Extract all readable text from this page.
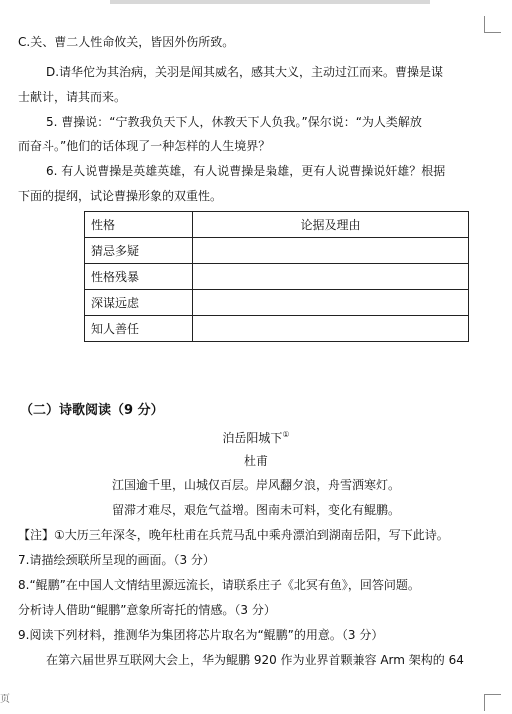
C.关、曹二人性命攸关，皆因外伤所致。
D.请华佗为其治病，关羽是闻其威名，感其大义，主动过江而来。曹操是谋
士献计，请其而来。
5. 曹操说：“宁教我负天下人，休教天下人负我。”保尔说：“为人类解放
而奋斗。”他们的话体现了一种怎样的人生境界？
6. 有人说曹操是英雄英雄，有人说曹操是枭雄，更有人说曹操说奸雄？根据
下面的提纲，试论曹操形象的双重性。
性格	论据及理由
猜忌多疑	
性格残暴	
深谋远虑	
知人善任	
（二）诗歌阅读（9 分）
泊岳阳城下①
杜甫
江国逾千里，山城仅百层。岸风翻夕浪，舟雪洒寒灯。
留滞才难尽，艰危气益增。图南未可料，变化有鲲鹏。
【注】①大历三年深冬，晚年杜甫在兵荒马乱中乘舟漂泊到湖南岳阳，写下此诗。
7.请描绘颈联所呈现的画面。（3 分）
8.“鲲鹏”在中国人文情结里源远流长，请联系庄子《北冥有鱼》，回答问题。
分析诗人借助“鲲鹏”意象所寄托的情感。（3 分）
9.阅读下列材料，推测华为集团将芯片取名为“鲲鹏”的用意。（3 分）
在第六届世界互联网大会上，华为鲲鹏 920 作为业界首颗兼容 Arm 架构的 64
页
